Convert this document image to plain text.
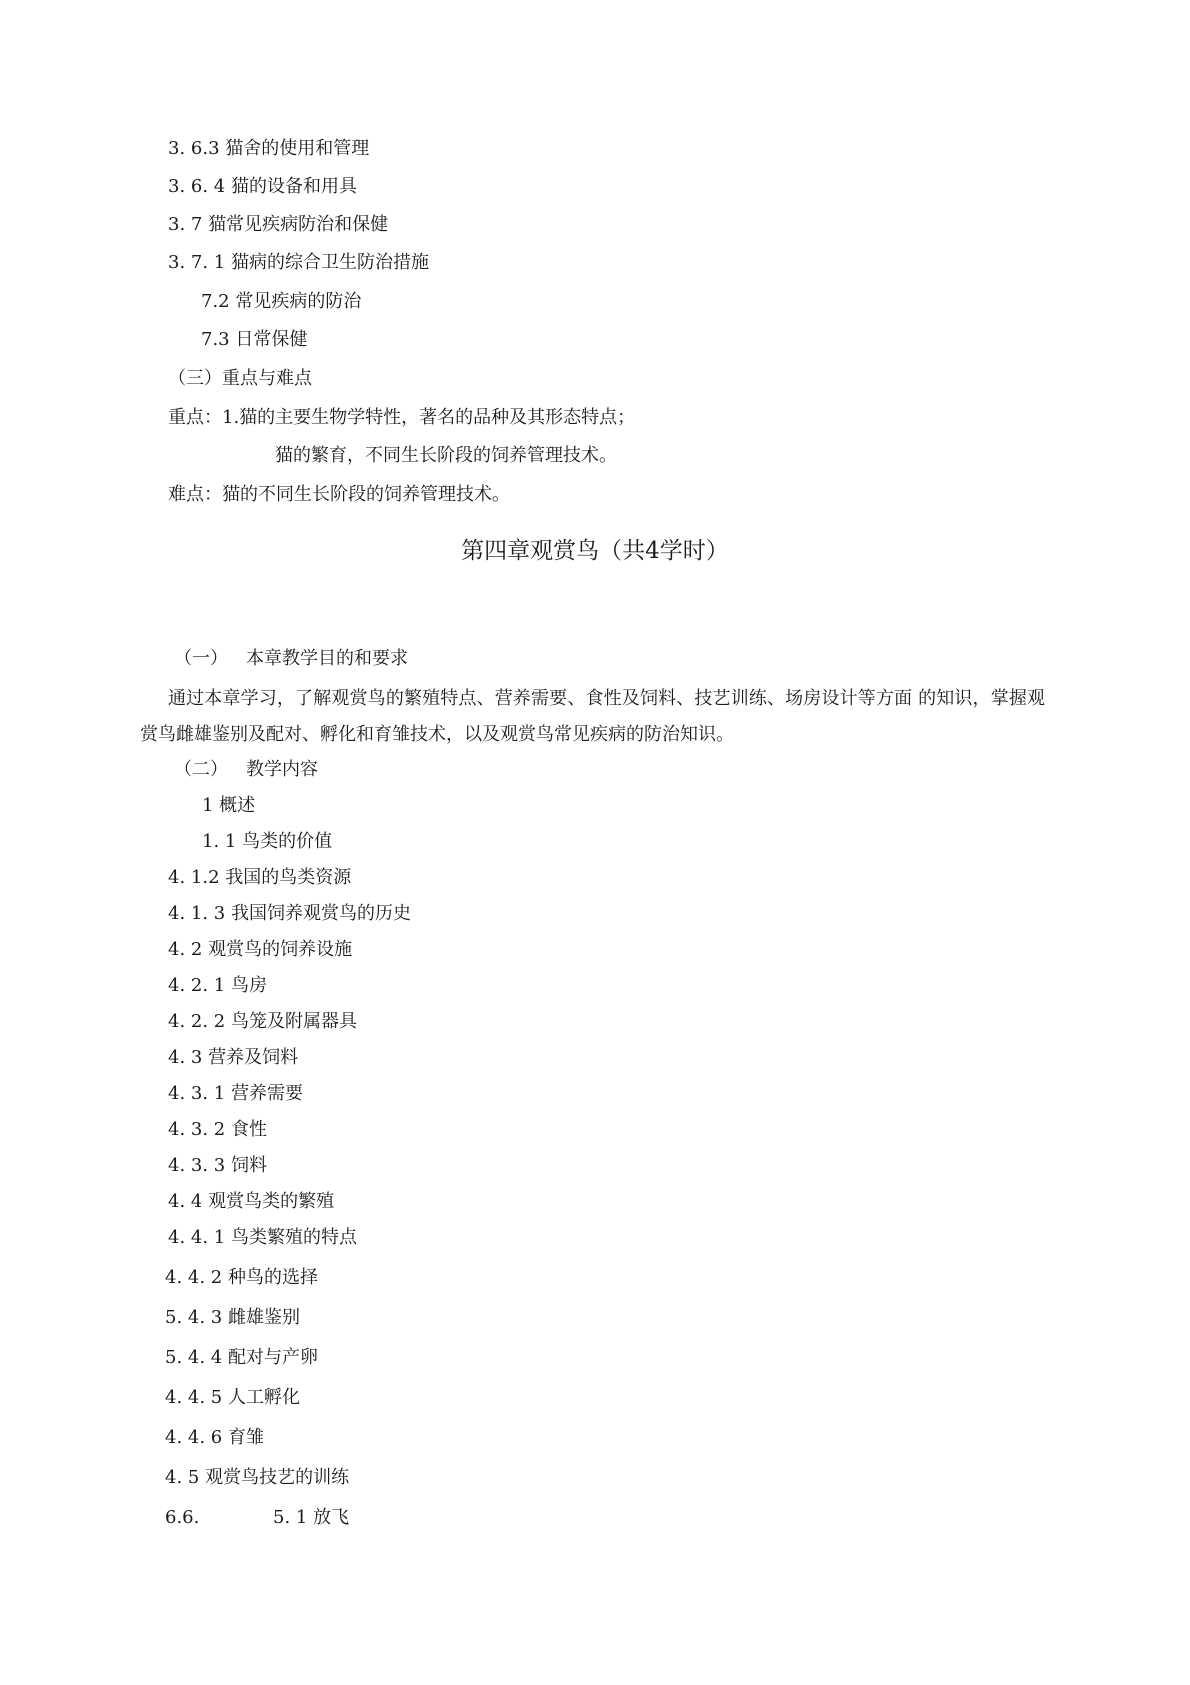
3. 6.3 猫舍的使用和管理
3. 6. 4 猫的设备和用具
3. 7 猫常见疾病防治和保健
3. 7. 1 猫病的综合卫生防治措施
7.2 常见疾病的防治
7.3 日常保健
（三）重点与难点
重点：1.猫的主要生物学特性，著名的品种及其形态特点；
猫的繁育，不同生长阶段的饲养管理技术。
难点：猫的不同生长阶段的饲养管理技术。
第四章观赏鸟（共4学时）
（一） 本章教学目的和要求
通过本章学习，了解观赏鸟的繁殖特点、营养需要、食性及饲料、技艺训练、场房设计等方面 的知识，掌握观赏鸟雌雄鉴别及配对、孵化和育雏技术，以及观赏鸟常见疾病的防治知识。
（二） 教学内容
1 概述
1. 1 鸟类的价值
4. 1.2 我国的鸟类资源
4. 1. 3 我国饲养观赏鸟的历史
4. 2 观赏鸟的饲养设施
4. 2. 1 鸟房
4. 2. 2 鸟笼及附属器具
4. 3 营养及饲料
4. 3. 1 营养需要
4. 3. 2 食性
4. 3. 3 饲料
4. 4 观赏鸟类的繁殖
4. 4. 1 鸟类繁殖的特点
4. 4. 2 种鸟的选择
5. 4. 3 雌雄鉴别
5. 4. 4 配对与产卵
4. 4. 5 人工孵化
4. 4. 6 育雏
4. 5 观赏鸟技艺的训练
6.6.	5. 1 放飞
